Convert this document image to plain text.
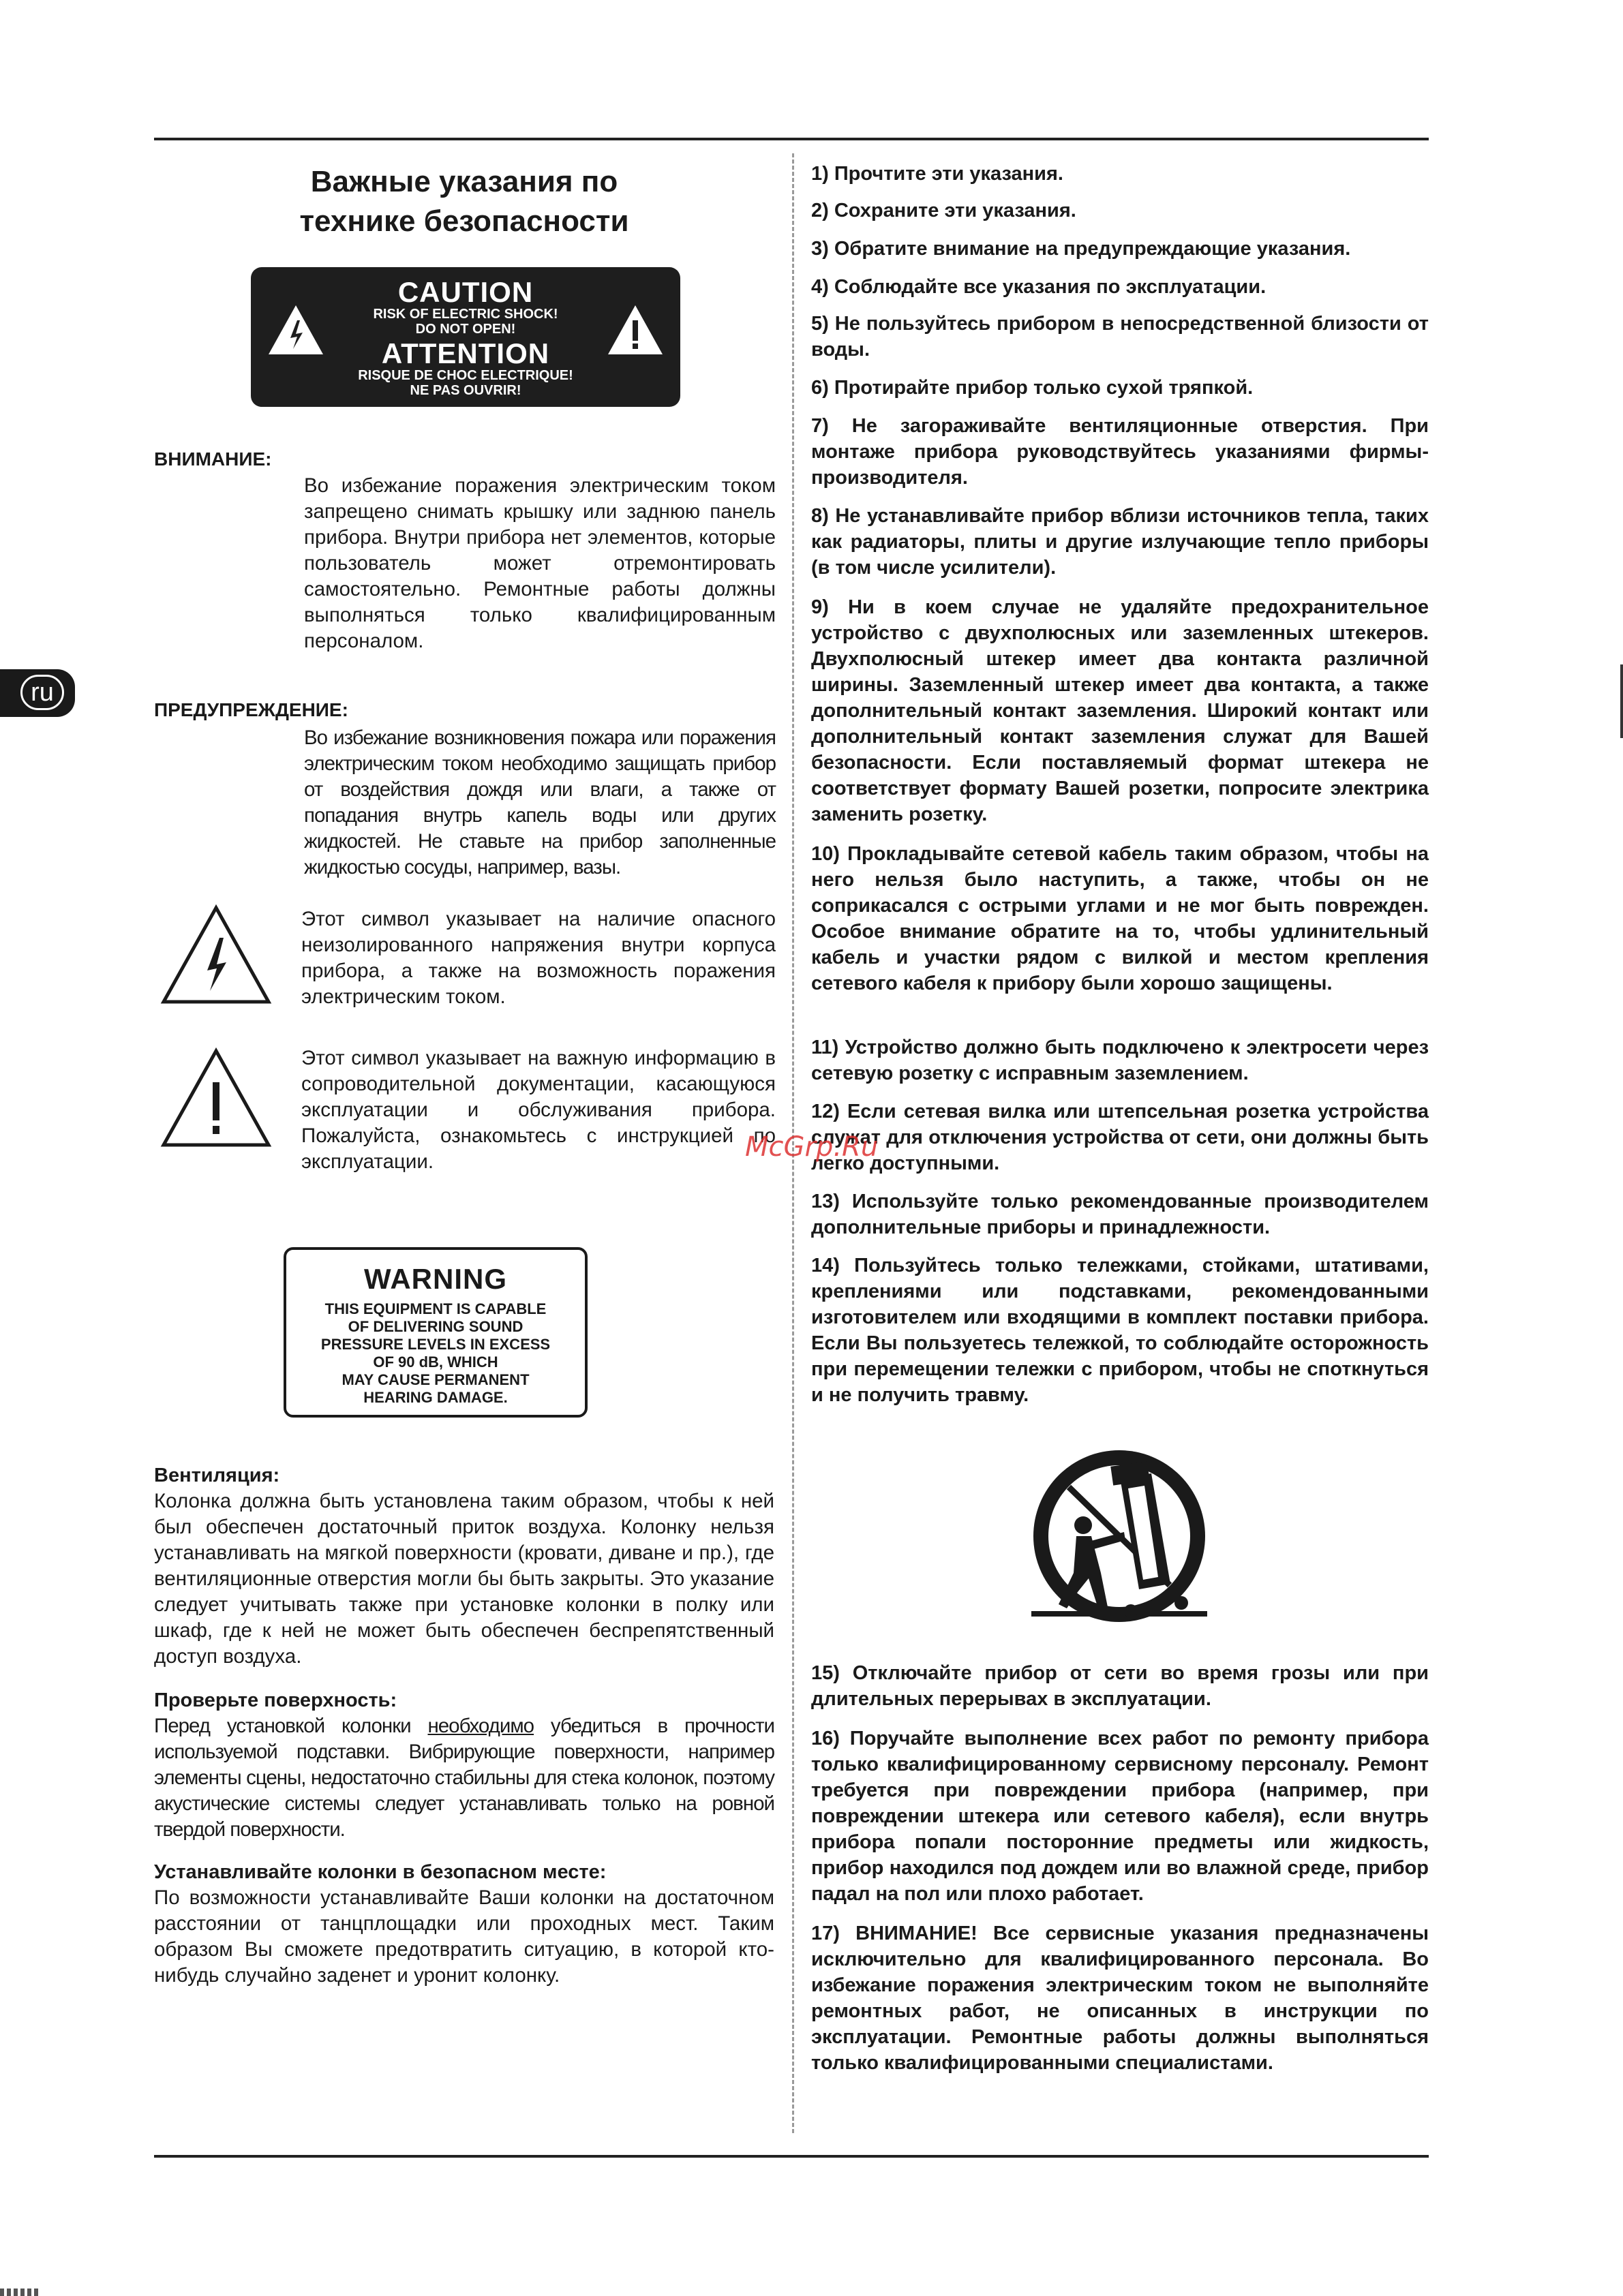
ru
Важные указания по
технике безопасности
CAUTION
RISK OF ELECTRIC SHOCK!
DO NOT OPEN!
ATTENTION
RISQUE DE CHOC ELECTRIQUE!
NE PAS OUVRIR!
ВНИМАНИЕ:
Во избежание поражения электрическим током запрещено снимать крышку или заднюю панель прибора. Внутри прибора нет элементов, которые пользователь может отремонтировать самостоятельно. Ремонтные работы должны выполняться только квалифицированным персоналом.
ПРЕДУПРЕЖДЕНИЕ:
Во избежание возникновения пожара или поражения электрическим током необходимо защищать прибор от воздействия дождя или влаги, а также от попадания внутрь капель воды или других жидкостей. Не ставьте на прибор заполненные жидкостью сосуды, например, вазы.
Этот символ указывает на наличие опасного неизолированного напряжения внутри корпуса прибора, а также на возможность поражения электрическим током.
Этот символ указывает на важную информацию в сопроводительной документации, касающуюся эксплуатации и обслуживания прибора. Пожалуйста, ознакомьтесь с инструкцией по эксплуатации.
WARNING
THIS EQUIPMENT IS CAPABLE
OF DELIVERING SOUND
PRESSURE LEVELS IN EXCESS
OF 90 dB, WHICH
MAY CAUSE PERMANENT
HEARING DAMAGE.
Вентиляция:
Колонка должна быть установлена таким образом, чтобы к ней был обеспечен достаточный приток воздуха. Колонку нельзя устанавливать на мягкой поверхности (кровати, диване и пр.), где вентиляционные отверстия могли бы быть закрыты. Это указание следует учитывать также при установке колонки в полку или шкаф, где к ней не может быть обеспечен беспрепятственный доступ воздуха.
Проверьте поверхность:
Перед установкой колонки необходимо убедиться в прочности используемой подставки. Вибрирующие поверхности, например элементы сцены, недостаточно стабильны для стека колонок, поэтому акустические системы следует устанавливать только на ровной твердой поверхности.
Устанавливайте колонки в безопасном месте:
По возможности устанавливайте Ваши колонки на достаточном расстоянии от танцплощадки или проходных мест. Таким образом Вы сможете предотвратить ситуацию, в которой кто-нибудь случайно заденет и уронит колонку.
1) Прочтите эти указания.
2) Сохраните эти указания.
3) Обратите внимание на предупреждающие указания.
4) Соблюдайте все указания по эксплуатации.
5) Не пользуйтесь прибором в непосредственной близости от воды.
6) Протирайте прибор только сухой тряпкой.
7) Не загораживайте вентиляционные отверстия. При монтаже прибора руководствуйтесь указаниями фирмы-производителя.
8) Не устанавливайте прибор вблизи источников тепла, таких как радиаторы, плиты и другие излучающие тепло приборы (в том числе усилители).
9) Ни в коем случае не удаляйте предохранительное устройство с двухполюсных или заземленных штекеров. Двухполюсный штекер имеет два контакта различной ширины. Заземленный штекер имеет два контакта, а также дополнительный контакт заземления. Широкий контакт или дополнительный контакт заземления служат для Вашей безопасности. Если поставляемый формат штекера не соответствует формату Вашей розетки, попросите электрика заменить розетку.
10) Прокладывайте сетевой кабель таким образом, чтобы на него нельзя было наступить, а также, чтобы он не соприкасался с острыми углами и не мог быть поврежден. Особое внимание обратите на то, чтобы удлинительный кабель и участки рядом с вилкой и местом крепления сетевого кабеля к прибору были хорошо защищены.
11) Устройство должно быть подключено к электросети через сетевую розетку с исправным заземлением.
12) Если сетевая вилка или штепсельная розетка устройства служат для отключения устройства от сети, они должны быть легко доступными.
13) Используйте только рекомендованные производителем дополнительные приборы и принадлежности.
14) Пользуйтесь только тележками, стойками, штативами, креплениями или подставками, рекомендованными изготовителем или входящими в комплект поставки прибора. Если Вы пользуетесь тележкой, то соблюдайте осторожность при перемещении тележки с прибором, чтобы не споткнуться и не получить травму.
15) Отключайте прибор от сети во время грозы или при длительных перерывах в эксплуатации.
16) Поручайте выполнение всех работ по ремонту прибора только квалифицированному сервисному персоналу. Ремонт требуется при повреждении прибора (например, при повреждении штекера или сетевого кабеля), если внутрь прибора попали посторонние предметы или жидкость, прибор находился под дождем или во влажной среде, прибор падал на пол или плохо работает.
17) ВНИМАНИЕ! Все сервисные указания предназначены исключительно для квалифицированного персонала. Во избежание поражения электрическим током не выполняйте ремонтных работ, не описанных в инструкции по эксплуатации. Ремонтные работы должны выполняться только квалифицированными специалистами.
McGrp.Ru
